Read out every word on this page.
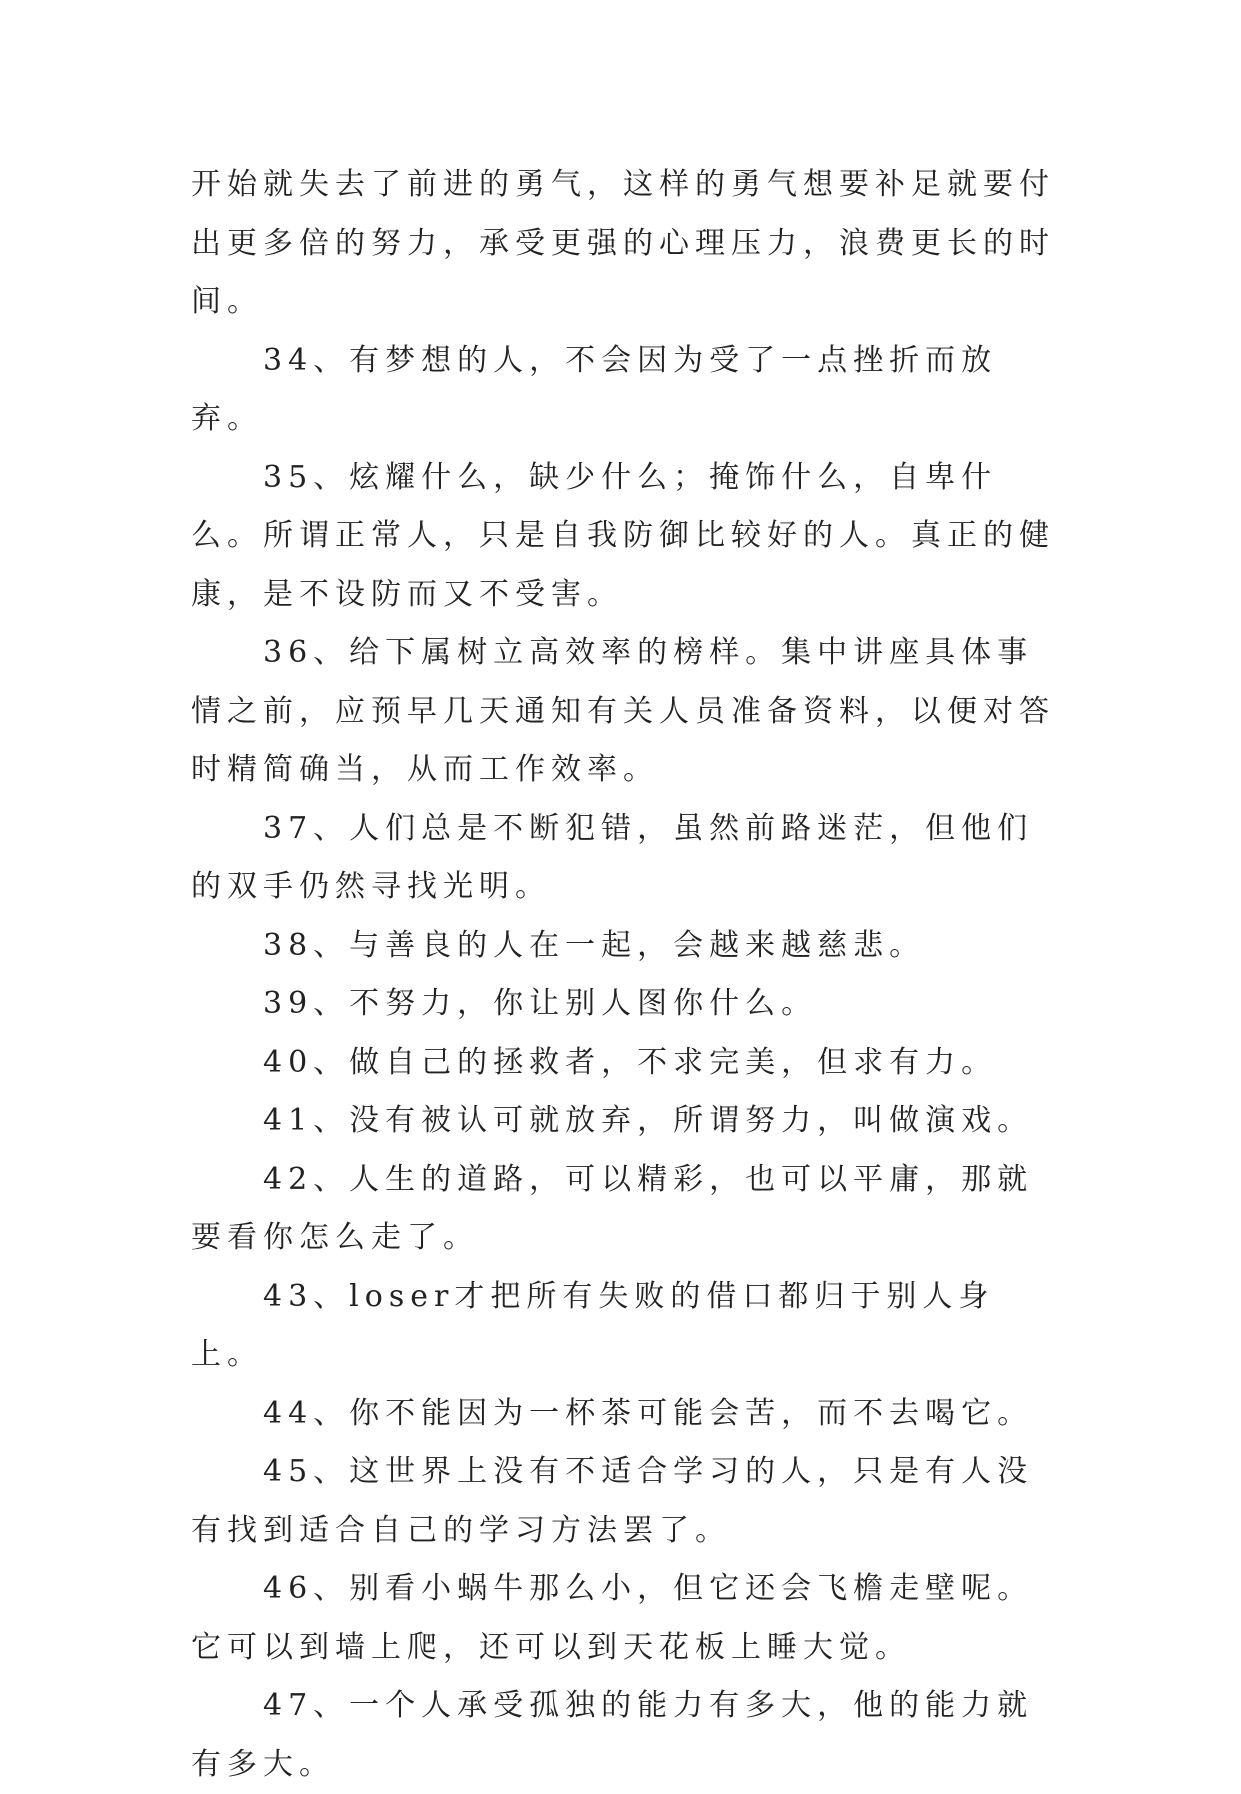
开始就失去了前进的勇气，这样的勇气想要补足就要付出更多倍的努力，承受更强的心理压力，浪费更长的时间。

34、有梦想的人，不会因为受了一点挫折而放弃。

35、炫耀什么，缺少什么；掩饰什么，自卑什么。所谓正常人，只是自我防御比较好的人。真正的健康，是不设防而又不受害。

36、给下属树立高效率的榜样。集中讲座具体事情之前，应预早几天通知有关人员准备资料，以便对答时精简确当，从而工作效率。

37、人们总是不断犯错，虽然前路迷茫，但他们的双手仍然寻找光明。

38、与善良的人在一起，会越来越慈悲。

39、不努力，你让别人图你什么。

40、做自己的拯救者，不求完美，但求有力。

41、没有被认可就放弃，所谓努力，叫做演戏。

42、人生的道路，可以精彩，也可以平庸，那就要看你怎么走了。

43、loser才把所有失败的借口都归于别人身上。

44、你不能因为一杯茶可能会苦，而不去喝它。

45、这世界上没有不适合学习的人，只是有人没有找到适合自己的学习方法罢了。

46、别看小蜗牛那么小，但它还会飞檐走壁呢。它可以到墙上爬，还可以到天花板上睡大觉。

47、一个人承受孤独的能力有多大，他的能力就有多大。
